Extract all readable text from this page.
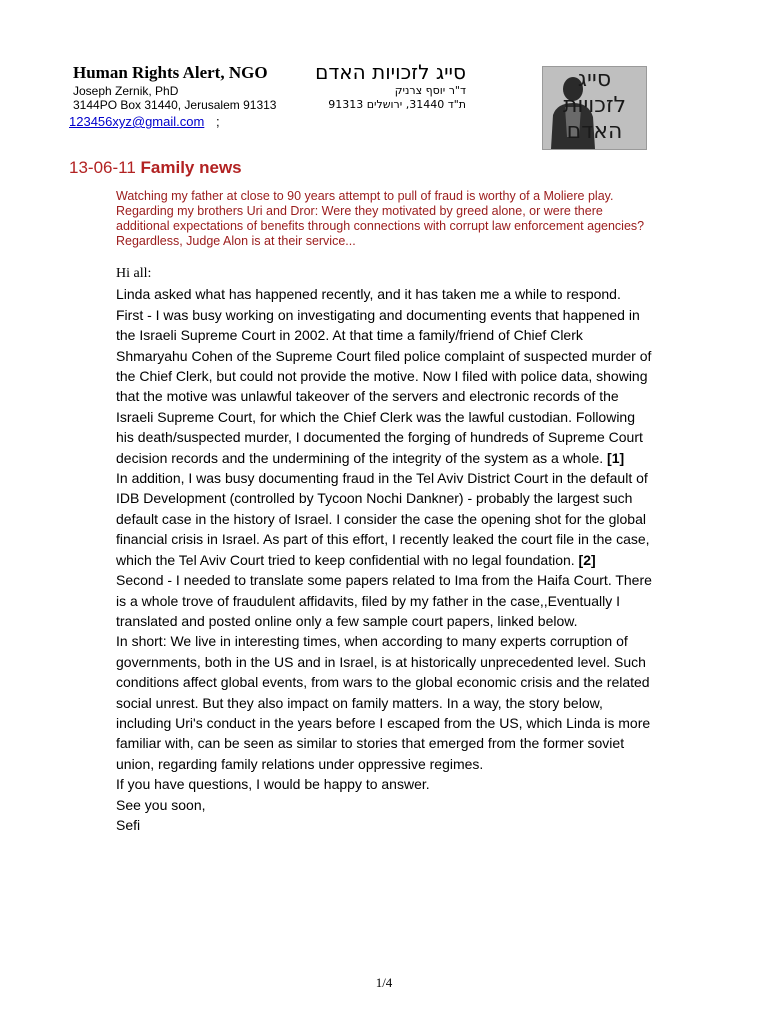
Human Rights Alert, NGO
Joseph Zernik, PhD
3144PO Box 31440, Jerusalem 91313
123456xyz@gmail.com ;
סייג לזכויות האדם
ד"ר יוסף צרניק
ת"ד 31440, ירושלים 91313
סייג
לזכויות
האדם
13-06-11 Family news

Watching my father at close to 90 years attempt to pull of fraud is worthy of a Moliere play. Regarding my brothers Uri and Dror: Were they motivated by greed alone, or were there additional expectations of benefits through connections with corrupt law enforcement agencies? Regardless, Judge Alon is at their service...

Hi all:

Linda asked what has happened recently, and it has taken me a while to respond.

First - I was busy working on investigating and documenting events that happened in the Israeli Supreme Court in 2002. At that time a family/friend of Chief Clerk Shmaryahu Cohen of the Supreme Court filed police complaint of suspected murder of the Chief Clerk, but could not provide the motive. Now I filed with police data, showing that the motive was unlawful takeover of the servers and electronic records of the Israeli Supreme Court, for which the Chief Clerk was the lawful custodian. Following his death/suspected murder, I documented the forging of hundreds of Supreme Court decision records and the undermining of the integrity of the system as a whole. [1]

In addition, I was busy documenting fraud in the Tel Aviv District Court in the default of IDB Development (controlled by Tycoon Nochi Dankner) - probably the largest such default case in the history of Israel. I consider the case the opening shot for the global financial crisis in Israel. As part of this effort, I recently leaked the court file in the case, which the Tel Aviv Court tried to keep confidential with no legal foundation. [2]

Second - I needed to translate some papers related to Ima from the Haifa Court. There is a whole trove of fraudulent affidavits, filed by my father in the case,,Eventually I translated and posted online only a few sample court papers, linked below.

In short: We live in interesting times, when according to many experts corruption of governments, both in the US and in Israel, is at historically unprecedented level. Such conditions affect global events, from wars to the global economic crisis and the related social unrest. But they also impact on family matters. In a way, the story below, including Uri's conduct in the years before I escaped from the US, which Linda is more familiar with, can be seen as similar to stories that emerged from the former soviet union, regarding family relations under oppressive regimes.

If you have questions, I would be happy to answer.

See you soon,

Sefi

1/4
